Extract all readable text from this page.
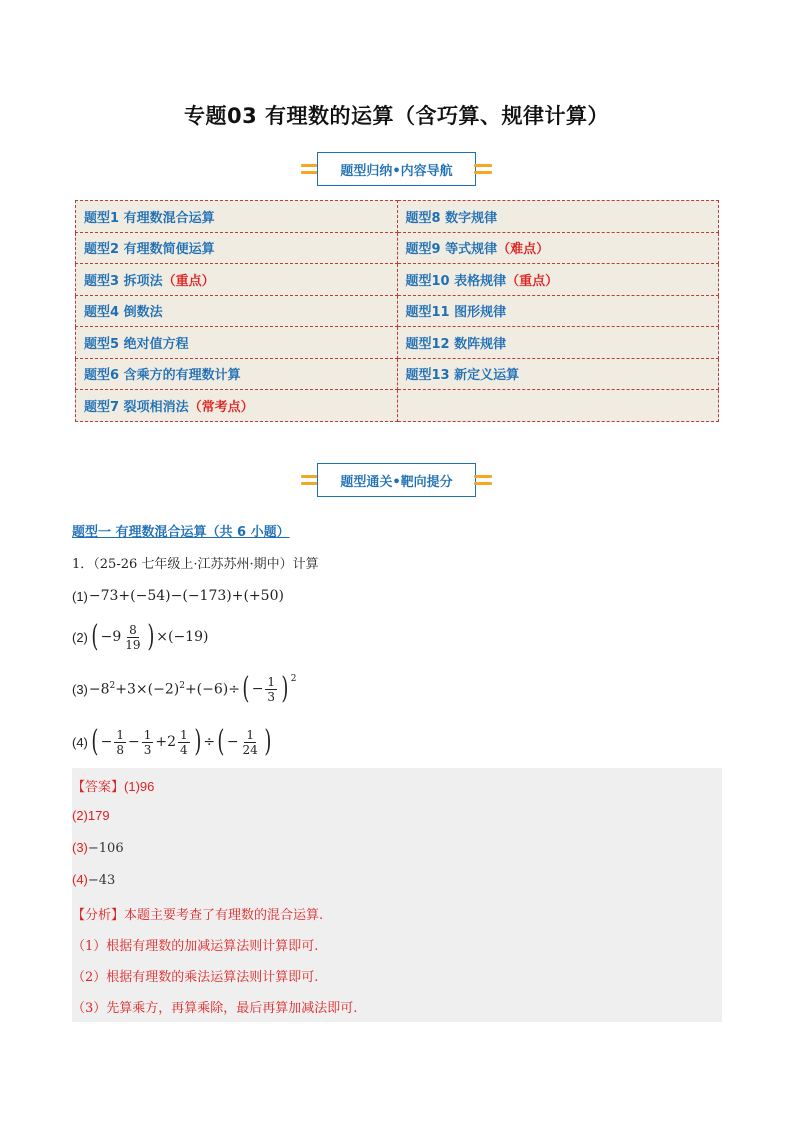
专题03 有理数的运算（含巧算、规律计算）
题型归纳•内容导航
题型1 有理数混合运算	题型8 数字规律
题型2 有理数简便运算	题型9 等式规律（难点）
题型3 拆项法（重点）	题型10 表格规律（重点）
题型4 倒数法	题型11 图形规律
题型5 绝对值方程	题型12 数阵规律
题型6 含乘方的有理数计算	题型13 新定义运算
题型7 裂项相消法（常考点）	
题型通关•靶向提分
题型一 有理数混合运算（共 6 小题）
1．（25-26 七年级上·江苏苏州·期中）计算
(1) −73+(−54)−(−173)+(+50)
(2) ( $-9 \frac{8}{19}$ ) ×(−19)
$(3) -8^2+3\times(-2)^2+(-6)\div$ ( − $\frac{1}{3}$ ) $^2$
(4) ( − $\frac{1}{8} - \frac{1}{3} +2 \frac{1}{4}$ ) ÷ ( − $\frac{1}{24}$ )
【答案】(1)96
(2)179
(3)−106
(4)−43
【分析】本题主要考查了有理数的混合运算.
（1）根据有理数的加减运算法则计算即可.
（2）根据有理数的乘法运算法则计算即可.
（3）先算乘方，再算乘除，最后再算加减法即可.
